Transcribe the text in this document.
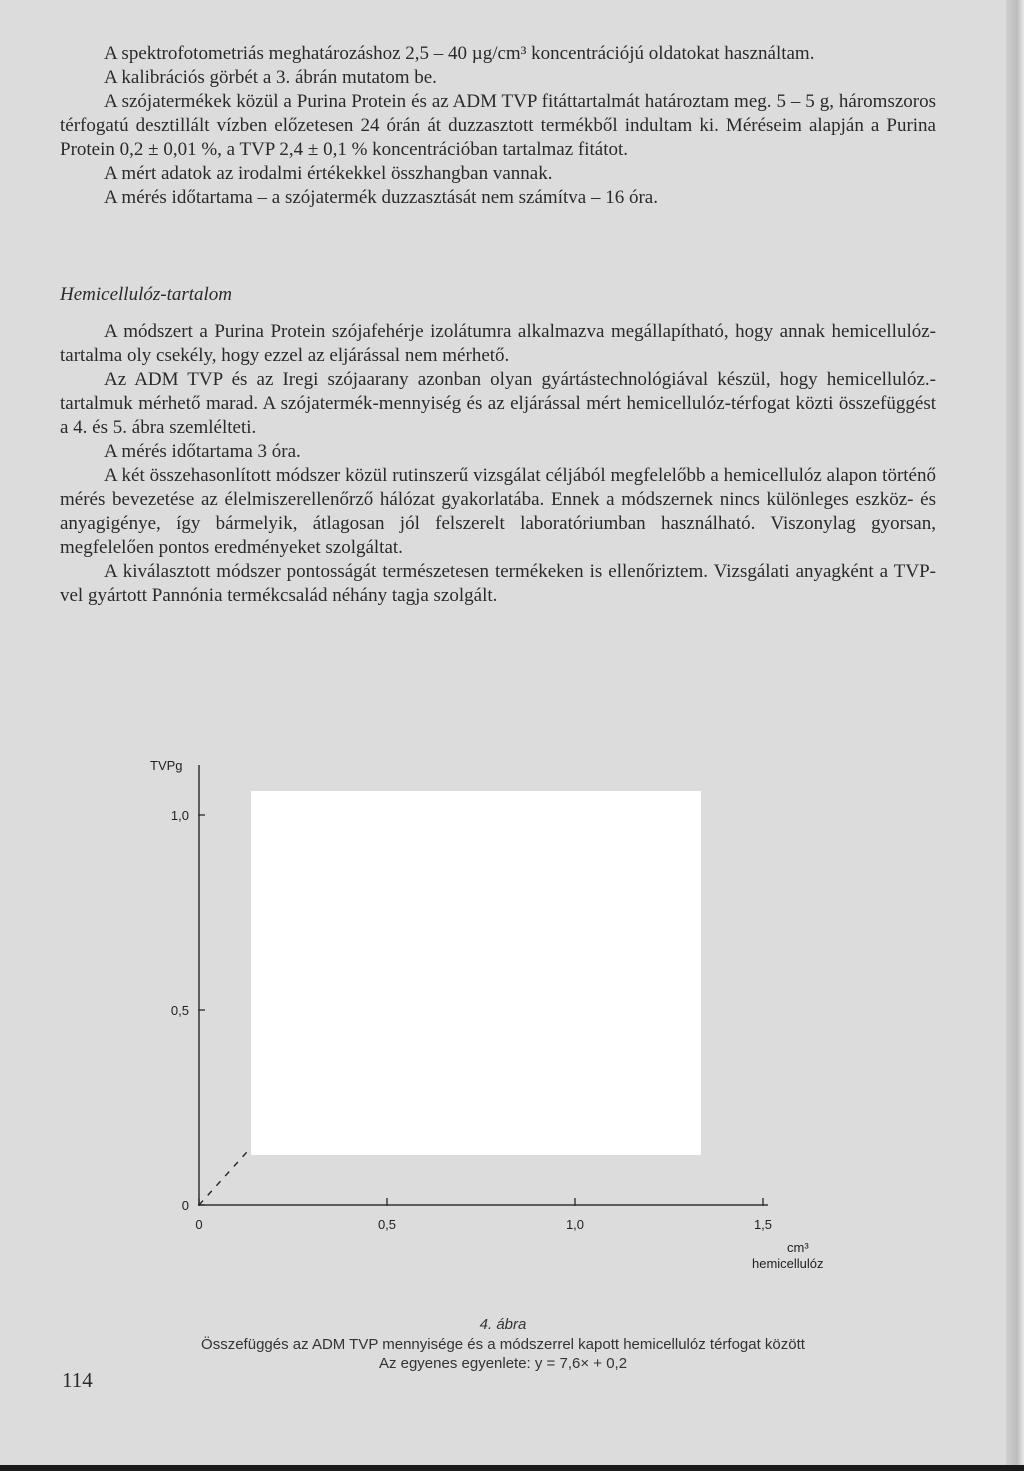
A spektrofotometriás meghatározáshoz 2,5 – 40 µg/cm³ koncentrációjú oldatokat használtam.

A kalibrációs görbét a 3. ábrán mutatom be.

A szójatermékek közül a Purina Protein és az ADM TVP fitáttartalmát határoztam meg. 5 – 5 g, háromszoros térfogatú desztillált vízben előzetesen 24 órán át duzzasztott termékből indultam ki. Méréseim alapján a Purina Protein 0,2 ± 0,01 %, a TVP 2,4 ± 0,1 % koncentrációban tartalmaz fitátot.

A mért adatok az irodalmi értékekkel összhangban vannak.

A mérés időtartama – a szójatermék duzzasztását nem számítva – 16 óra.

Hemicellulóz-tartalom

A módszert a Purina Protein szójafehérje izolátumra alkalmazva megállapítható, hogy annak hemicellulóz-tartalma oly csekély, hogy ezzel az eljárással nem mérhető.

Az ADM TVP és az Iregi szójaarany azonban olyan gyártástechnológiával készül, hogy hemicellulóz.-tartalmuk mérhető marad. A szójatermék-mennyiség és az eljárással mért hemicellulóz-térfogat közti összefüggést a 4. és 5. ábra szemlélteti.

A mérés időtartama 3 óra.

A két összehasonlított módszer közül rutinszerű vizsgálat céljából megfelelőbb a hemicellulóz alapon történő mérés bevezetése az élelmiszerellenőrző hálózat gyakorlatába. Ennek a módszernek nincs különleges eszköz- és anyagigénye, így bármelyik, átlagosan jól felszerelt laboratóriumban használható. Viszonylag gyorsan, megfelelően pontos eredményeket szolgáltat.

A kiválasztott módszer pontosságát természetesen termékeken is ellenőriztem. Vizsgálati anyagként a TVP-vel gyártott Pannónia termékcsalád néhány tagja szolgált.

TVPg
hemicellulóz
cm³
0	0,5	1,0	1,5
0
0,5
1,0
4. ábra
Összefüggés az ADM TVP mennyisége és a módszerrel kapott hemicellulóz térfogat között
Az egyenes egyenlete: y = 7,6× + 0,2
114
